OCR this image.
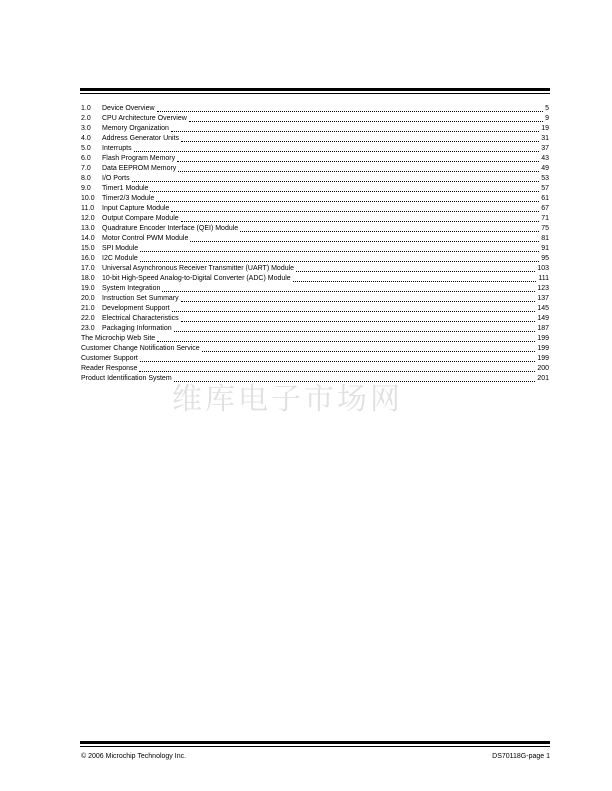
1.0	Device Overview	5
2.0	CPU Architecture Overview	9
3.0	Memory Organization	19
4.0	Address Generator Units	31
5.0	Interrupts	37
6.0	Flash Program Memory	43
7.0	Data EEPROM Memory	49
8.0	I/O Ports	53
9.0	Timer1 Module	57
10.0	Timer2/3 Module	61
11.0	Input Capture Module	67
12.0	Output Compare Module	71
13.0	Quadrature Encoder Interface (QEI) Module	75
14.0	Motor Control PWM Module	81
15.0	SPI Module	91
16.0	I2C Module	95
17.0	Universal Asynchronous Receiver Transmitter (UART) Module	103
18.0	10-bit High-Speed Analog-to-Digital Converter (ADC) Module	111
19.0	System Integration	123
20.0	Instruction Set Summary	137
21.0	Development Support	145
22.0	Electrical Characteristics	149
23.0	Packaging Information	187
The Microchip Web Site	199
Customer Change Notification Service	199
Customer Support	199
Reader Response	200
Product Identification System	201
维库电子市场网
© 2006 Microchip Technology Inc.	DS70118G-page 1
